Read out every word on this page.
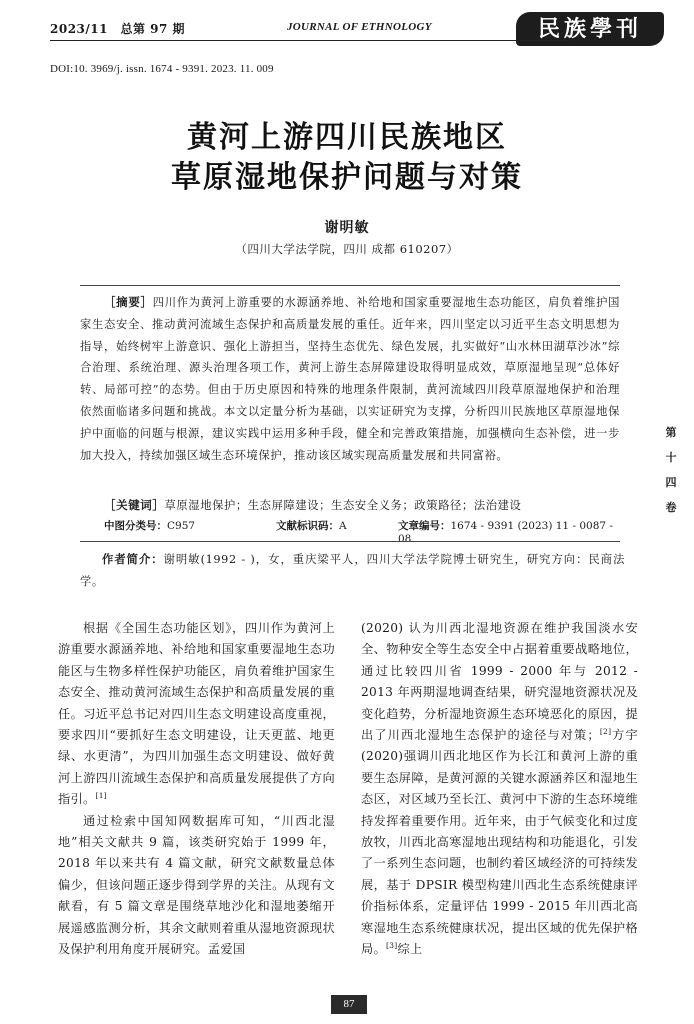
2023/11　总第 97 期	JOURNAL OF ETHNOLOGY	民族學刊
DOI:10. 3969/j. issn. 1674 - 9391. 2023. 11. 009
黄河上游四川民族地区
草原湿地保护问题与对策
谢明敏
（四川大学法学院，四川 成都 610207）
［摘要］四川作为黄河上游重要的水源涵养地、补给地和国家重要湿地生态功能区，肩负着维护国家生态安全、推动黄河流域生态保护和高质量发展的重任。近年来，四川坚定以习近平生态文明思想为指导，始终树牢上游意识、强化上游担当，坚持生态优先、绿色发展，扎实做好“山水林田湖草沙冰”综合治理、系统治理、源头治理各项工作，黄河上游生态屏障建设取得明显成效，草原湿地呈现“总体好转、局部可控”的态势。但由于历史原因和特殊的地理条件限制，黄河流域四川段草原湿地保护和治理依然面临诸多问题和挑战。本文以定量分析为基础，以实证研究为支撑，分析四川民族地区草原湿地保护中面临的问题与根源，建议实践中运用多种手段，健全和完善政策措施，加强横向生态补偿，进一步加大投入，持续加强区域生态环境保护，推动该区域实现高质量发展和共同富裕。
［关键词］草原湿地保护；生态屏障建设；生态安全义务；政策路径；法治建设
中图分类号：C957	文献标识码：A	文章编号：1674 - 9391 (2023) 11 - 0087 - 08
作者简介：谢明敏(1992 - )，女，重庆梁平人，四川大学法学院博士研究生，研究方向：民商法学。
第十四卷

根据《全国生态功能区划》，四川作为黄河上游重要水源涵养地、补给地和国家重要湿地生态功能区与生物多样性保护功能区，肩负着维护国家生态安全、推动黄河流域生态保护和高质量发展的重任。习近平总书记对四川生态文明建设高度重视，要求四川“要抓好生态文明建设，让天更蓝、地更绿、水更清”，为四川加强生态文明建设、做好黄河上游四川流域生态保护和高质量发展提供了方向指引。[1]

通过检索中国知网数据库可知，“川西北湿地”相关文献共 9 篇，该类研究始于 1999 年，2018 年以来共有 4 篇文献，研究文献数量总体偏少，但该问题正逐步得到学界的关注。从现有文献看，有 5 篇文章是围绕草地沙化和湿地萎缩开展遥感监测分析，其余文献则着重从湿地资源现状及保护利用角度开展研究。孟爱国

(2020) 认为川西北湿地资源在维护我国淡水安全、物种安全等生态安全中占据着重要战略地位，通过比较四川省 1999 - 2000 年与 2012 - 2013 年两期湿地调查结果，研究湿地资源状况及变化趋势，分析湿地资源生态环境恶化的原因，提出了川西北湿地生态保护的途径与对策；[2]方宇(2020)强调川西北地区作为长江和黄河上游的重要生态屏障，是黄河源的关键水源涵养区和湿地生态区，对区域乃至长江、黄河中下游的生态环境维持发挥着重要作用。近年来，由于气候变化和过度放牧，川西北高寒湿地出现结构和功能退化，引发了一系列生态问题，也制约着区域经济的可持续发展，基于 DPSIR 模型构建川西北生态系统健康评价指标体系，定量评估 1999 - 2015 年川西北高寒湿地生态系统健康状况，提出区域的优先保护格局。[3]综上

87
